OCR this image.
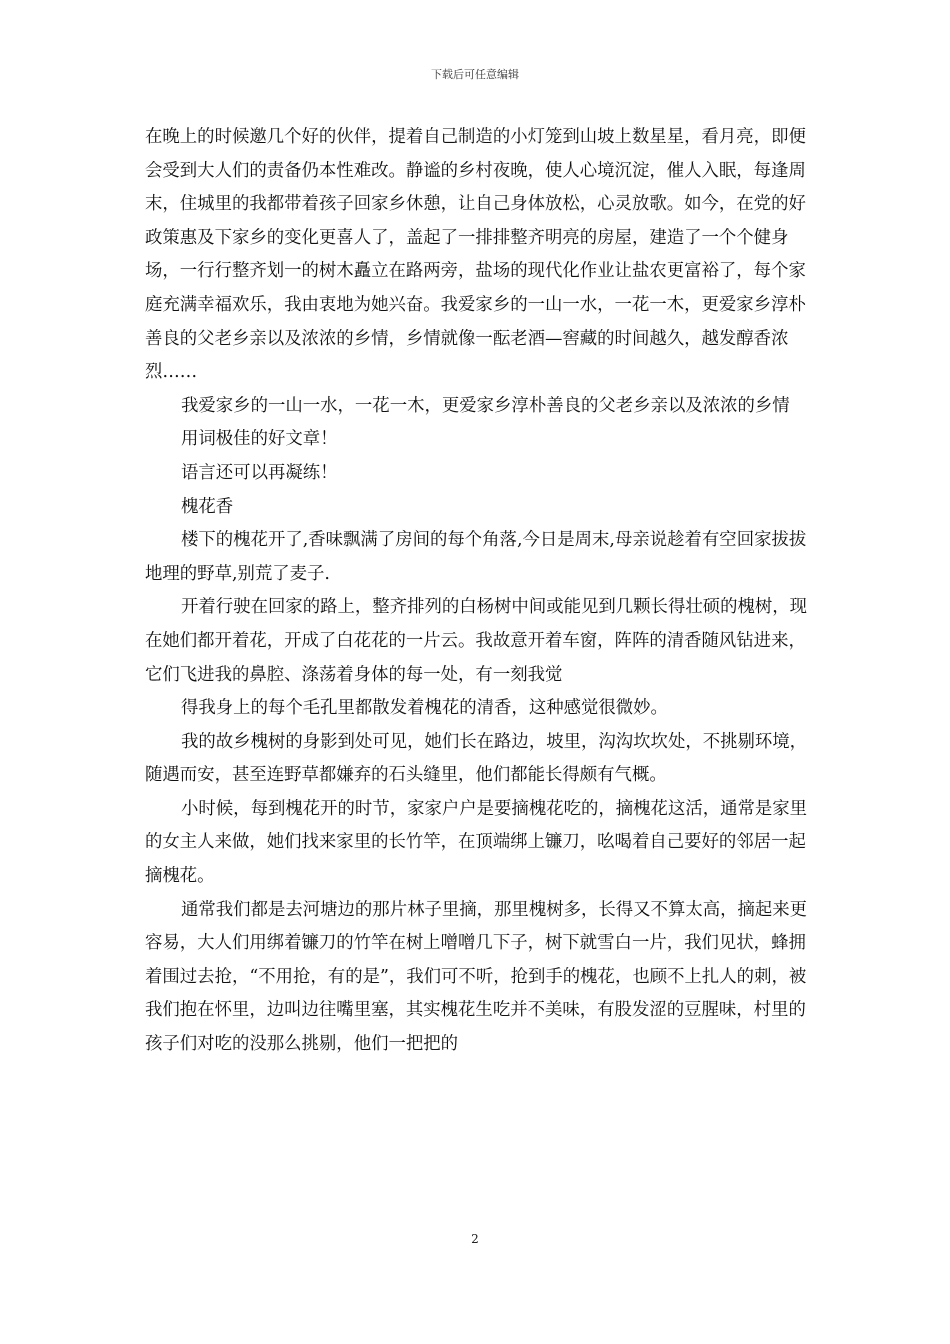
下载后可任意编辑

在晚上的时候邀几个好的伙伴，提着自己制造的小灯笼到山坡上数星星，看月亮，即便会受到大人们的责备仍本性难改。静谧的乡村夜晚，使人心境沉淀，催人入眠，每逢周末，住城里的我都带着孩子回家乡休憩，让自己身体放松，心灵放歌。如今，在党的好政策惠及下家乡的变化更喜人了，盖起了一排排整齐明亮的房屋，建造了一个个健身场，一行行整齐划一的树木矗立在路两旁，盐场的现代化作业让盐农更富裕了，每个家庭充满幸福欢乐，我由衷地为她兴奋。我爱家乡的一山一水，一花一木，更爱家乡淳朴善良的父老乡亲以及浓浓的乡情，乡情就像一酝老酒—窖藏的时间越久，越发醇香浓烈……

我爱家乡的一山一水，一花一木，更爱家乡淳朴善良的父老乡亲以及浓浓的乡情

用词极佳的好文章！

语言还可以再凝练！

槐花香

楼下的槐花开了,香味飘满了房间的每个角落,今日是周末,母亲说趁着有空回家拔拔地理的野草,别荒了麦子.

开着行驶在回家的路上，整齐排列的白杨树中间或能见到几颗长得壮硕的槐树，现在她们都开着花，开成了白花花的一片云。我故意开着车窗，阵阵的清香随风钻进来，它们飞进我的鼻腔、涤荡着身体的每一处，有一刻我觉

得我身上的每个毛孔里都散发着槐花的清香，这种感觉很微妙。

我的故乡槐树的身影到处可见，她们长在路边，坡里，沟沟坎坎处，不挑剔环境，随遇而安，甚至连野草都嫌弃的石头缝里，他们都能长得颇有气概。

小时候，每到槐花开的时节，家家户户是要摘槐花吃的，摘槐花这活，通常是家里的女主人来做，她们找来家里的长竹竿，在顶端绑上镰刀，吆喝着自己要好的邻居一起摘槐花。

通常我们都是去河塘边的那片林子里摘，那里槐树多，长得又不算太高，摘起来更容易，大人们用绑着镰刀的竹竿在树上噌噌几下子，树下就雪白一片，我们见状，蜂拥着围过去抢，“不用抢，有的是”，我们可不听，抢到手的槐花，也顾不上扎人的刺，被我们抱在怀里，边叫边往嘴里塞，其实槐花生吃并不美味，有股发涩的豆腥味，村里的孩子们对吃的没那么挑剔，他们一把把的

2
